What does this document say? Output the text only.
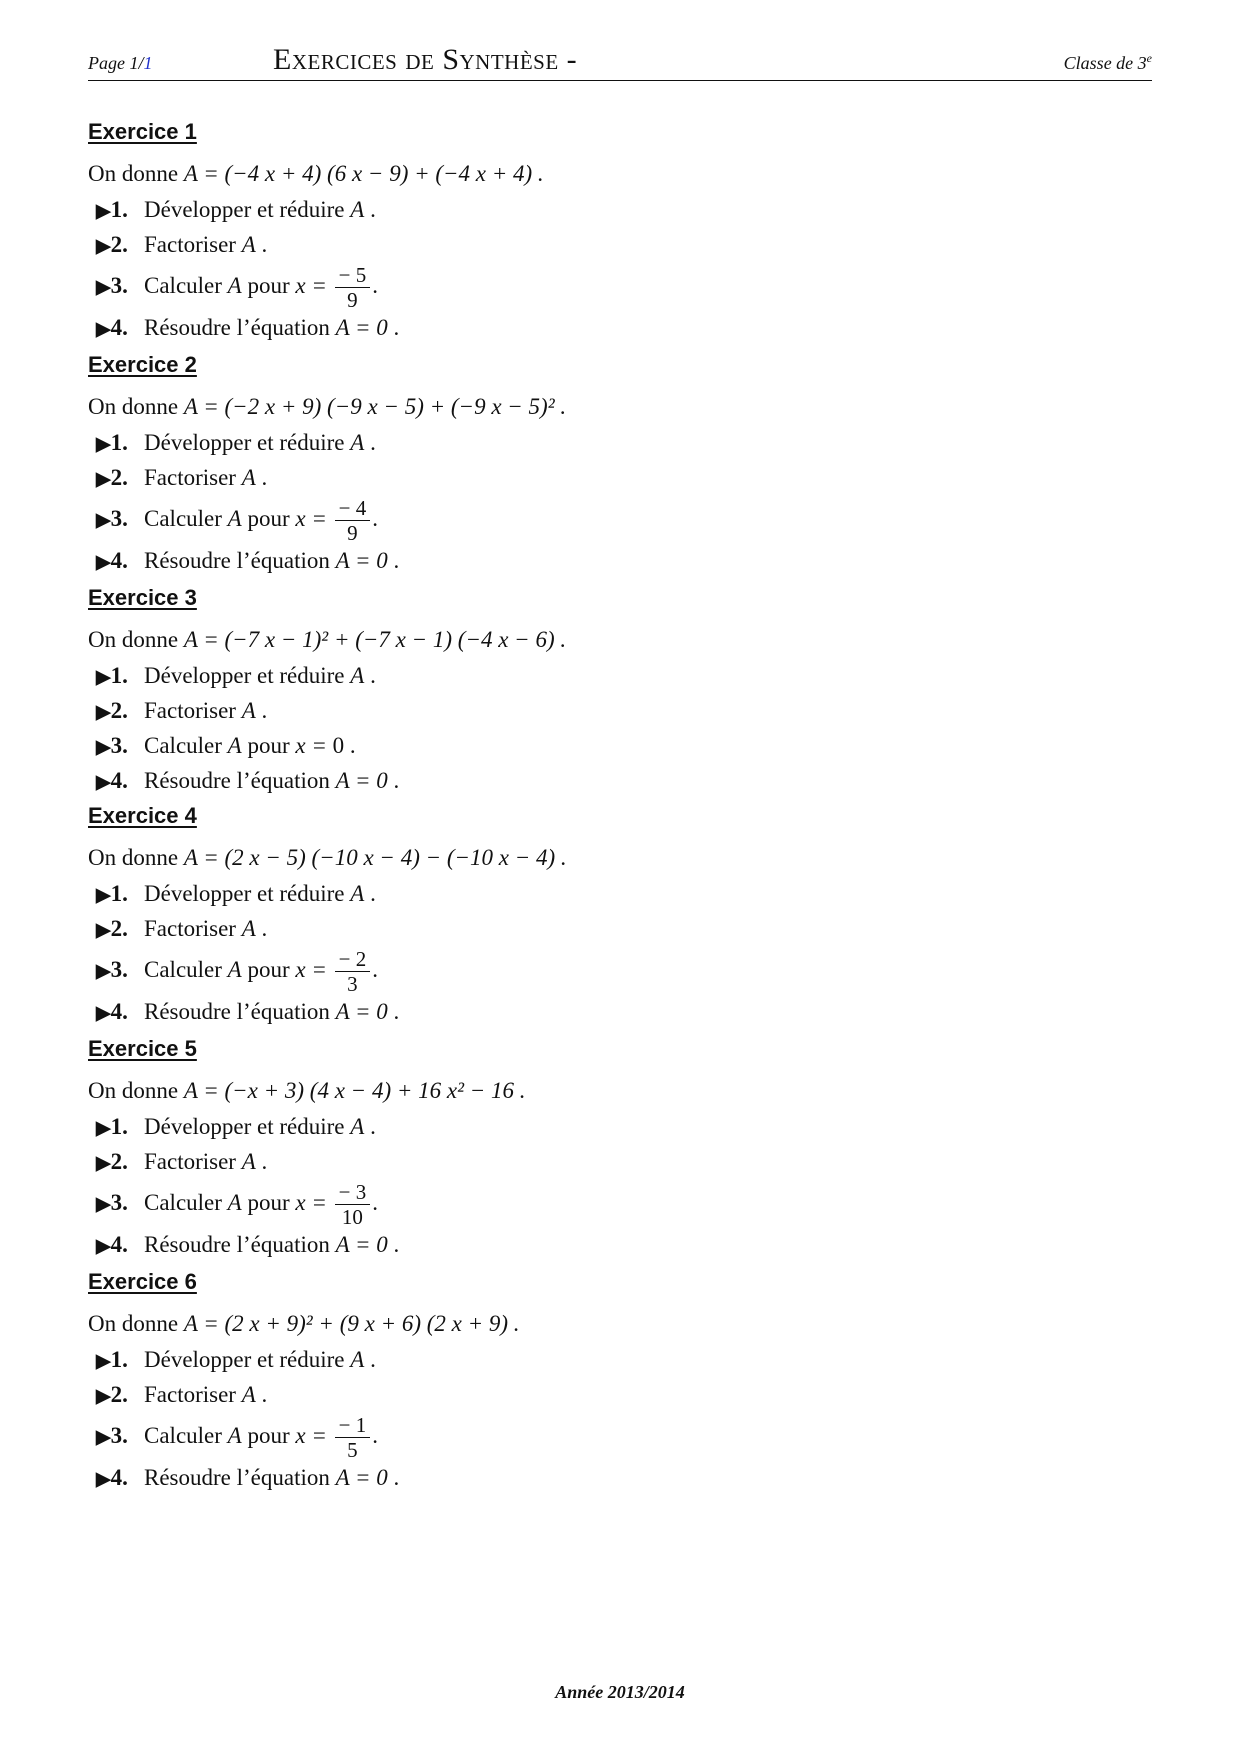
Page 1/1	Exercices de Synthèse -	Classe de 3e
Exercice 1
On donne A = (−4 x + 4) (6 x − 9) + (−4 x + 4) .
▶1. Développer et réduire A .
▶2. Factoriser A .
▶3. Calculer A pour $x = \frac{- 5}{9}$ .
▶4. Résoudre l’équation A = 0 .
Exercice 2
On donne A = (−2 x + 9) (−9 x − 5) + (−9 x − 5)² .
▶1. Développer et réduire A .
▶2. Factoriser A .
▶3. Calculer A pour $x = \frac{- 4}{9}$ .
▶4. Résoudre l’équation A = 0 .
Exercice 3
On donne A = (−7 x − 1)² + (−7 x − 1) (−4 x − 6) .
▶1. Développer et réduire A .
▶2. Factoriser A .
▶3. Calculer A pour x = 0 .
▶4. Résoudre l’équation A = 0 .
Exercice 4
On donne A = (2 x − 5) (−10 x − 4) − (−10 x − 4) .
▶1. Développer et réduire A .
▶2. Factoriser A .
▶3. Calculer A pour $x = \frac{- 2}{3}$ .
▶4. Résoudre l’équation A = 0 .
Exercice 5
On donne A = (−x + 3) (4 x − 4) + 16 x² − 16 .
▶1. Développer et réduire A .
▶2. Factoriser A .
▶3. Calculer A pour $x = \frac{- 3}{10}$ .
▶4. Résoudre l’équation A = 0 .
Exercice 6
On donne A = (2 x + 9)² + (9 x + 6) (2 x + 9) .
▶1. Développer et réduire A .
▶2. Factoriser A .
▶3. Calculer A pour $x = \frac{- 1}{5}$ .
▶4. Résoudre l’équation A = 0 .
Année 2013/2014
